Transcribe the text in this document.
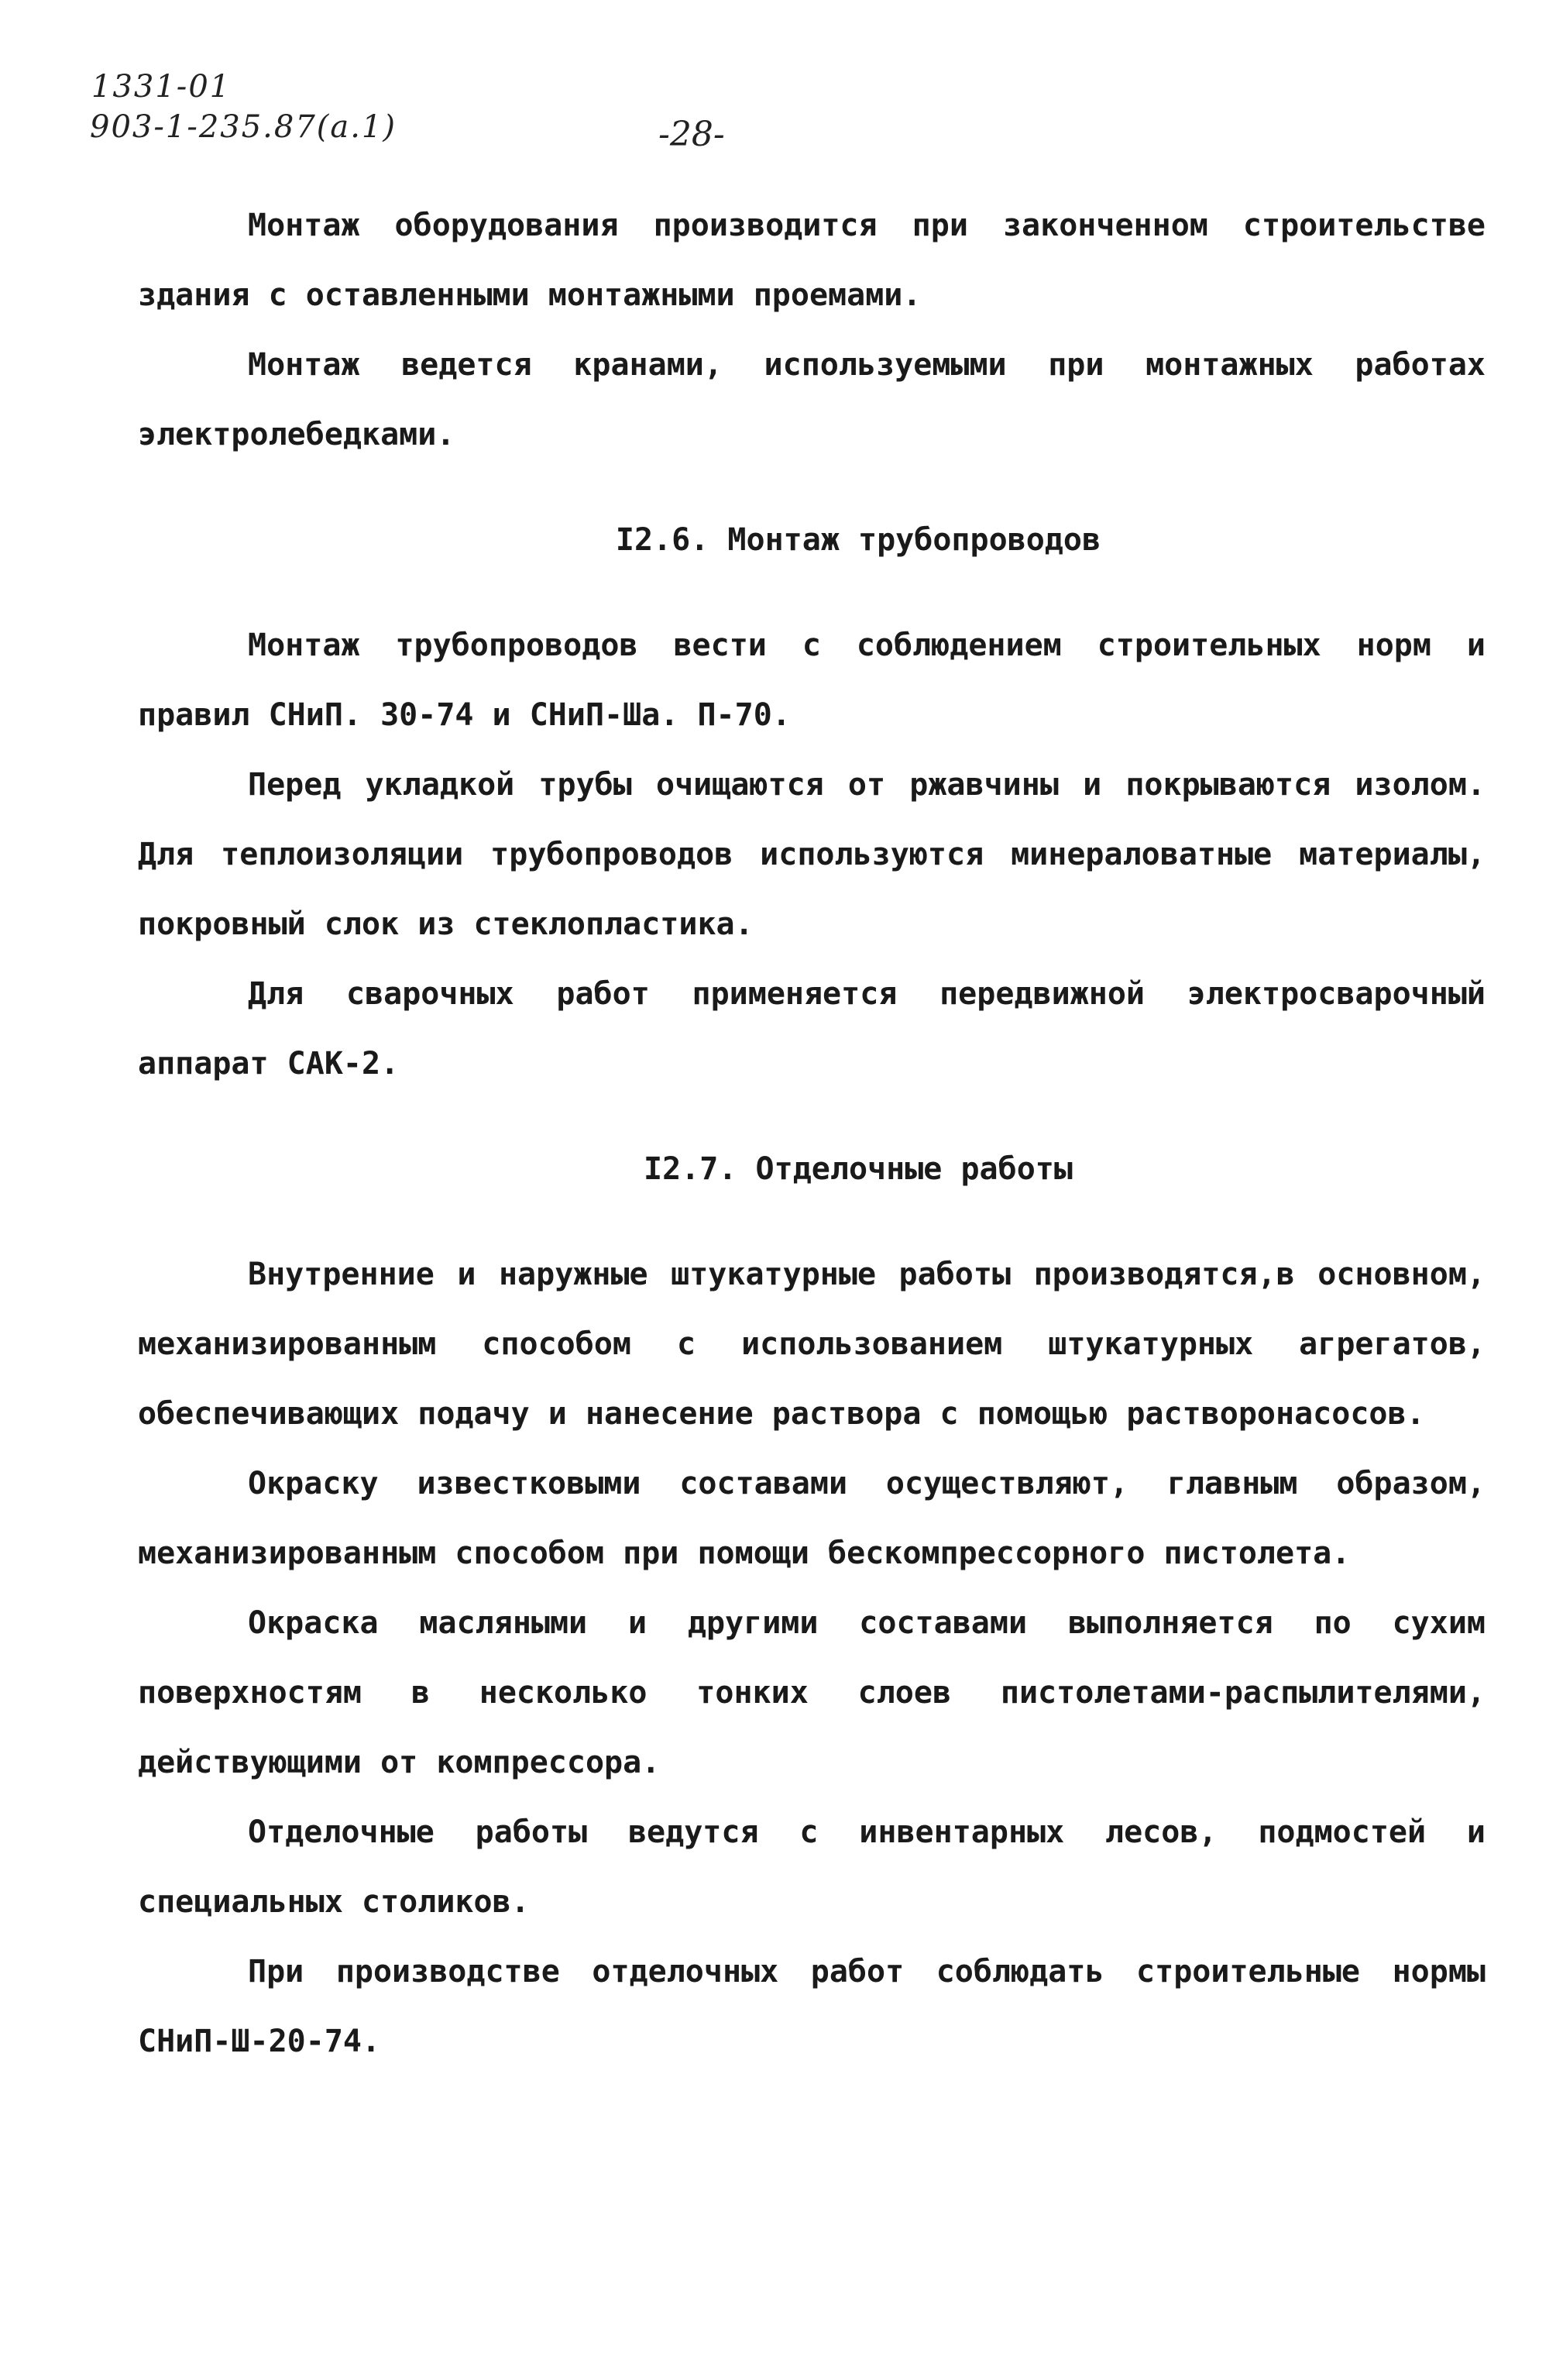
1331-01
903-1-235.87(a.1)	-28-

Монтаж оборудования производится при законченном строительстве здания с оставленными монтажными проемами.

Монтаж ведется кранами, используемыми при монтажных работах электролебедками.

I2.6. Монтаж трубопроводов

Монтаж трубопроводов вести с соблюдением строительных норм и правил СНиП. 30-74 и СНиП-Ша. П-70.

Перед укладкой трубы очищаются от ржавчины и покрываются изолом. Для теплоизоляции трубопроводов используются минераловатные материалы, покровный слок из стеклопластика.

Для сварочных работ применяется передвижной электросварочный аппарат САК-2.

I2.7. Отделочные работы

Внутренние и наружные штукатурные работы производятся,в основном, механизированным способом с использованием штукатурных агрегатов, обеспечивающих подачу и нанесение раствора с помощью растворонасосов.

Окраску известковыми составами осуществляют, главным образом, механизированным способом при помощи бескомпрессорного пистолета.

Окраска масляными и другими составами выполняется по сухим поверхностям в несколько тонких слоев пистолетами-распылителями, действующими от компрессора.

Отделочные работы ведутся с инвентарных лесов, подмостей и специальных столиков.

При производстве отделочных работ соблюдать строительные нормы СНиП-Ш-20-74.
